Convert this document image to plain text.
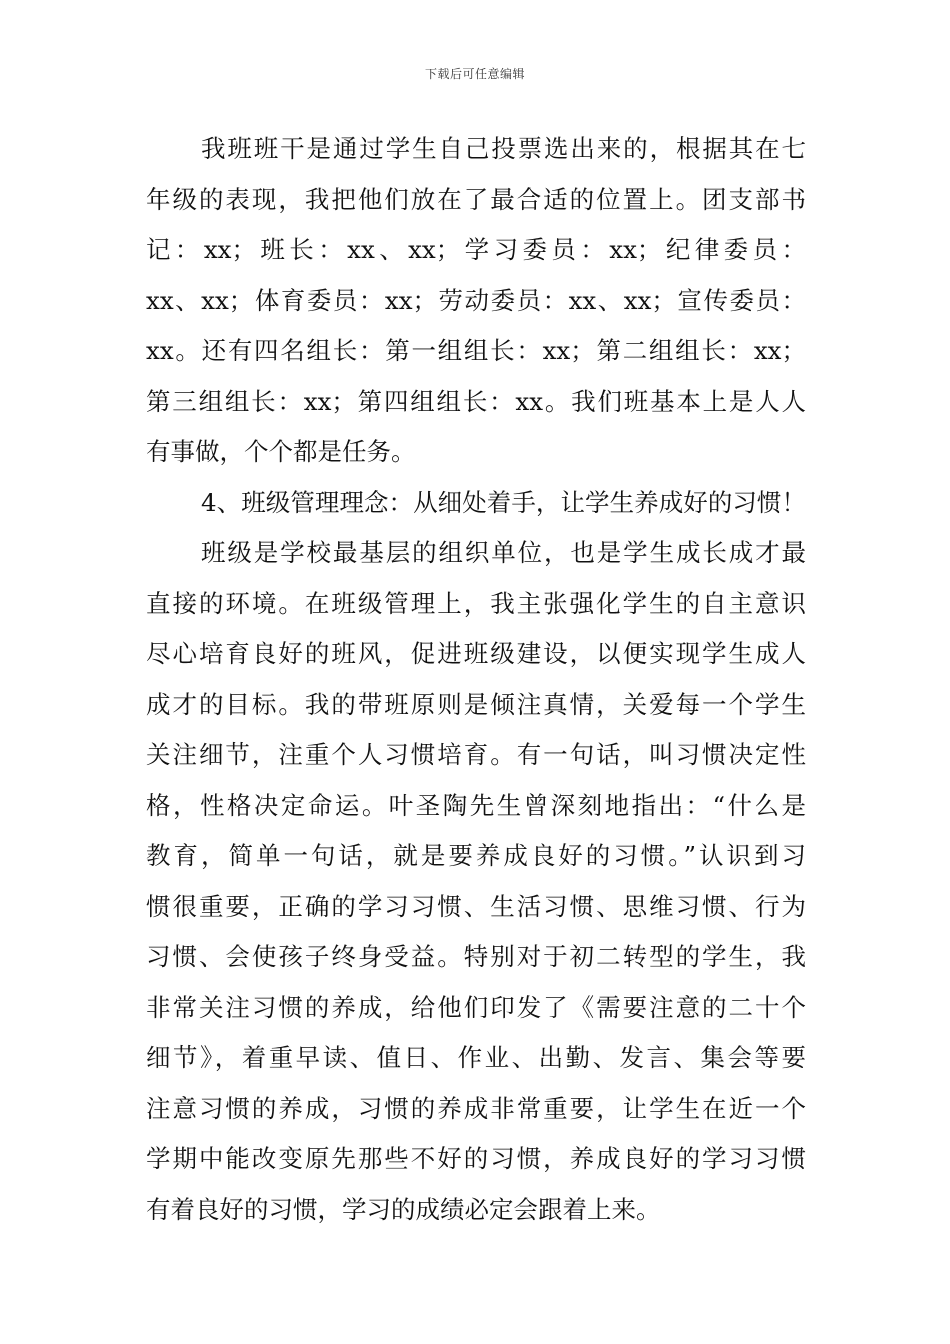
下载后可任意编辑
我班班干是通过学生自己投票选出来的，根据其在七
年级的表现，我把他们放在了最合适的位置上。团支部书
记：xx；班长：xx、xx；学习委员：xx；纪律委员：
xx、xx；体育委员：xx；劳动委员：xx、xx；宣传委员：
xx。还有四名组长：第一组组长：xx；第二组组长：xx；
第三组组长：xx；第四组组长：xx。我们班基本上是人人
有事做，个个都是任务。
4、班级管理理念：从细处着手，让学生养成好的习惯！
班级是学校最基层的组织单位，也是学生成长成才最
直接的环境。在班级管理上，我主张强化学生的自主意识
尽心培育良好的班风，促进班级建设，以便实现学生成人
成才的目标。我的带班原则是倾注真情，关爱每一个学生
关注细节，注重个人习惯培育。有一句话，叫习惯决定性
格，性格决定命运。叶圣陶先生曾深刻地指出：“什么是
教育，简单一句话，就是要养成良好的习惯。”认识到习
惯很重要，正确的学习习惯、生活习惯、思维习惯、行为
习惯、会使孩子终身受益。特别对于初二转型的学生，我
非常关注习惯的养成，给他们印发了《需要注意的二十个
细节》，着重早读、值日、作业、出勤、发言、集会等要
注意习惯的养成，习惯的养成非常重要，让学生在近一个
学期中能改变原先那些不好的习惯，养成良好的学习习惯
有着良好的习惯，学习的成绩必定会跟着上来。
